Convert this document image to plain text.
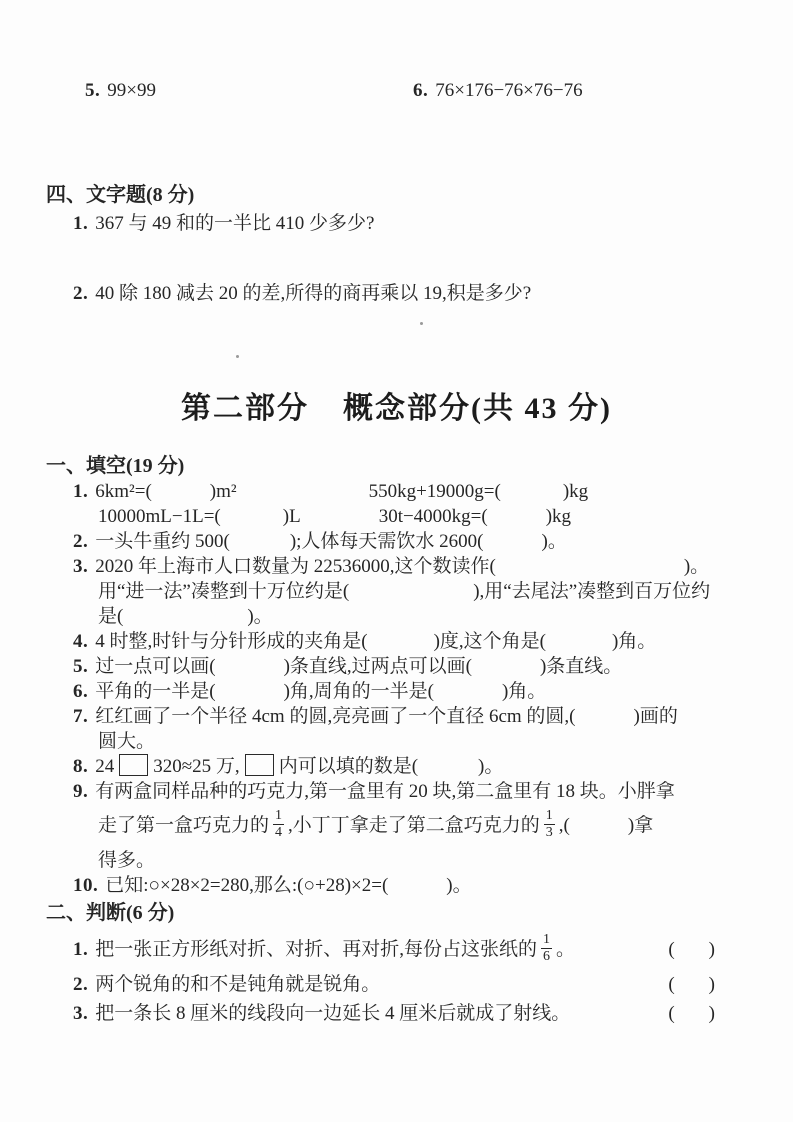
5. 99×99	6. 76×176−76×76−76
四、文字题(8 分)
1. 367 与 49 和的一半比 410 少多少?
2. 40 除 180 减去 20 的差,所得的商再乘以 19,积是多少?
第二部分 概念部分(共 43 分)
一、填空(19 分)
1. 6km²=(	)m²	550kg+19000g=(	)kg
10000mL−1L=(	)L	30t−4000kg=(	)kg
2. 一头牛重约 500(	);人体每天需饮水 2600(	)。
3. 2020 年上海市人口数量为 22536000,这个数读作(	)。
用“进一法”凑整到十万位约是(	),用“去尾法”凑整到百万位约
是(	)。
4. 4 时整,时针与分针形成的夹角是(	)度,这个角是(	)角。
5. 过一点可以画(	)条直线,过两点可以画(	)条直线。
6. 平角的一半是(	)角,周角的一半是(	)角。
7. 红红画了一个半径 4cm 的圆,亮亮画了一个直径 6cm 的圆,(	)画的
圆大。
8. 24 320≈25 万, 内可以填的数是(	)。
9. 有两盒同样品种的巧克力,第一盒里有 20 块,第二盒里有 18 块。小胖拿
走了第一盒巧克力的 $\frac{1}{4}$ ,小丁丁拿走了第二盒巧克力的 $\frac{1}{3}$ ,(	)拿
得多。
10. 已知:○×28×2=280,那么:(○+28)×2=(	)。
二、判断(6 分)
1. 把一张正方形纸对折、对折、再对折,每份占这张纸的 $\frac{1}{6}$ 。	( )
2. 两个锐角的和不是钝角就是锐角。	( )
3. 把一条长 8 厘米的线段向一边延长 4 厘米后就成了射线。	( )
